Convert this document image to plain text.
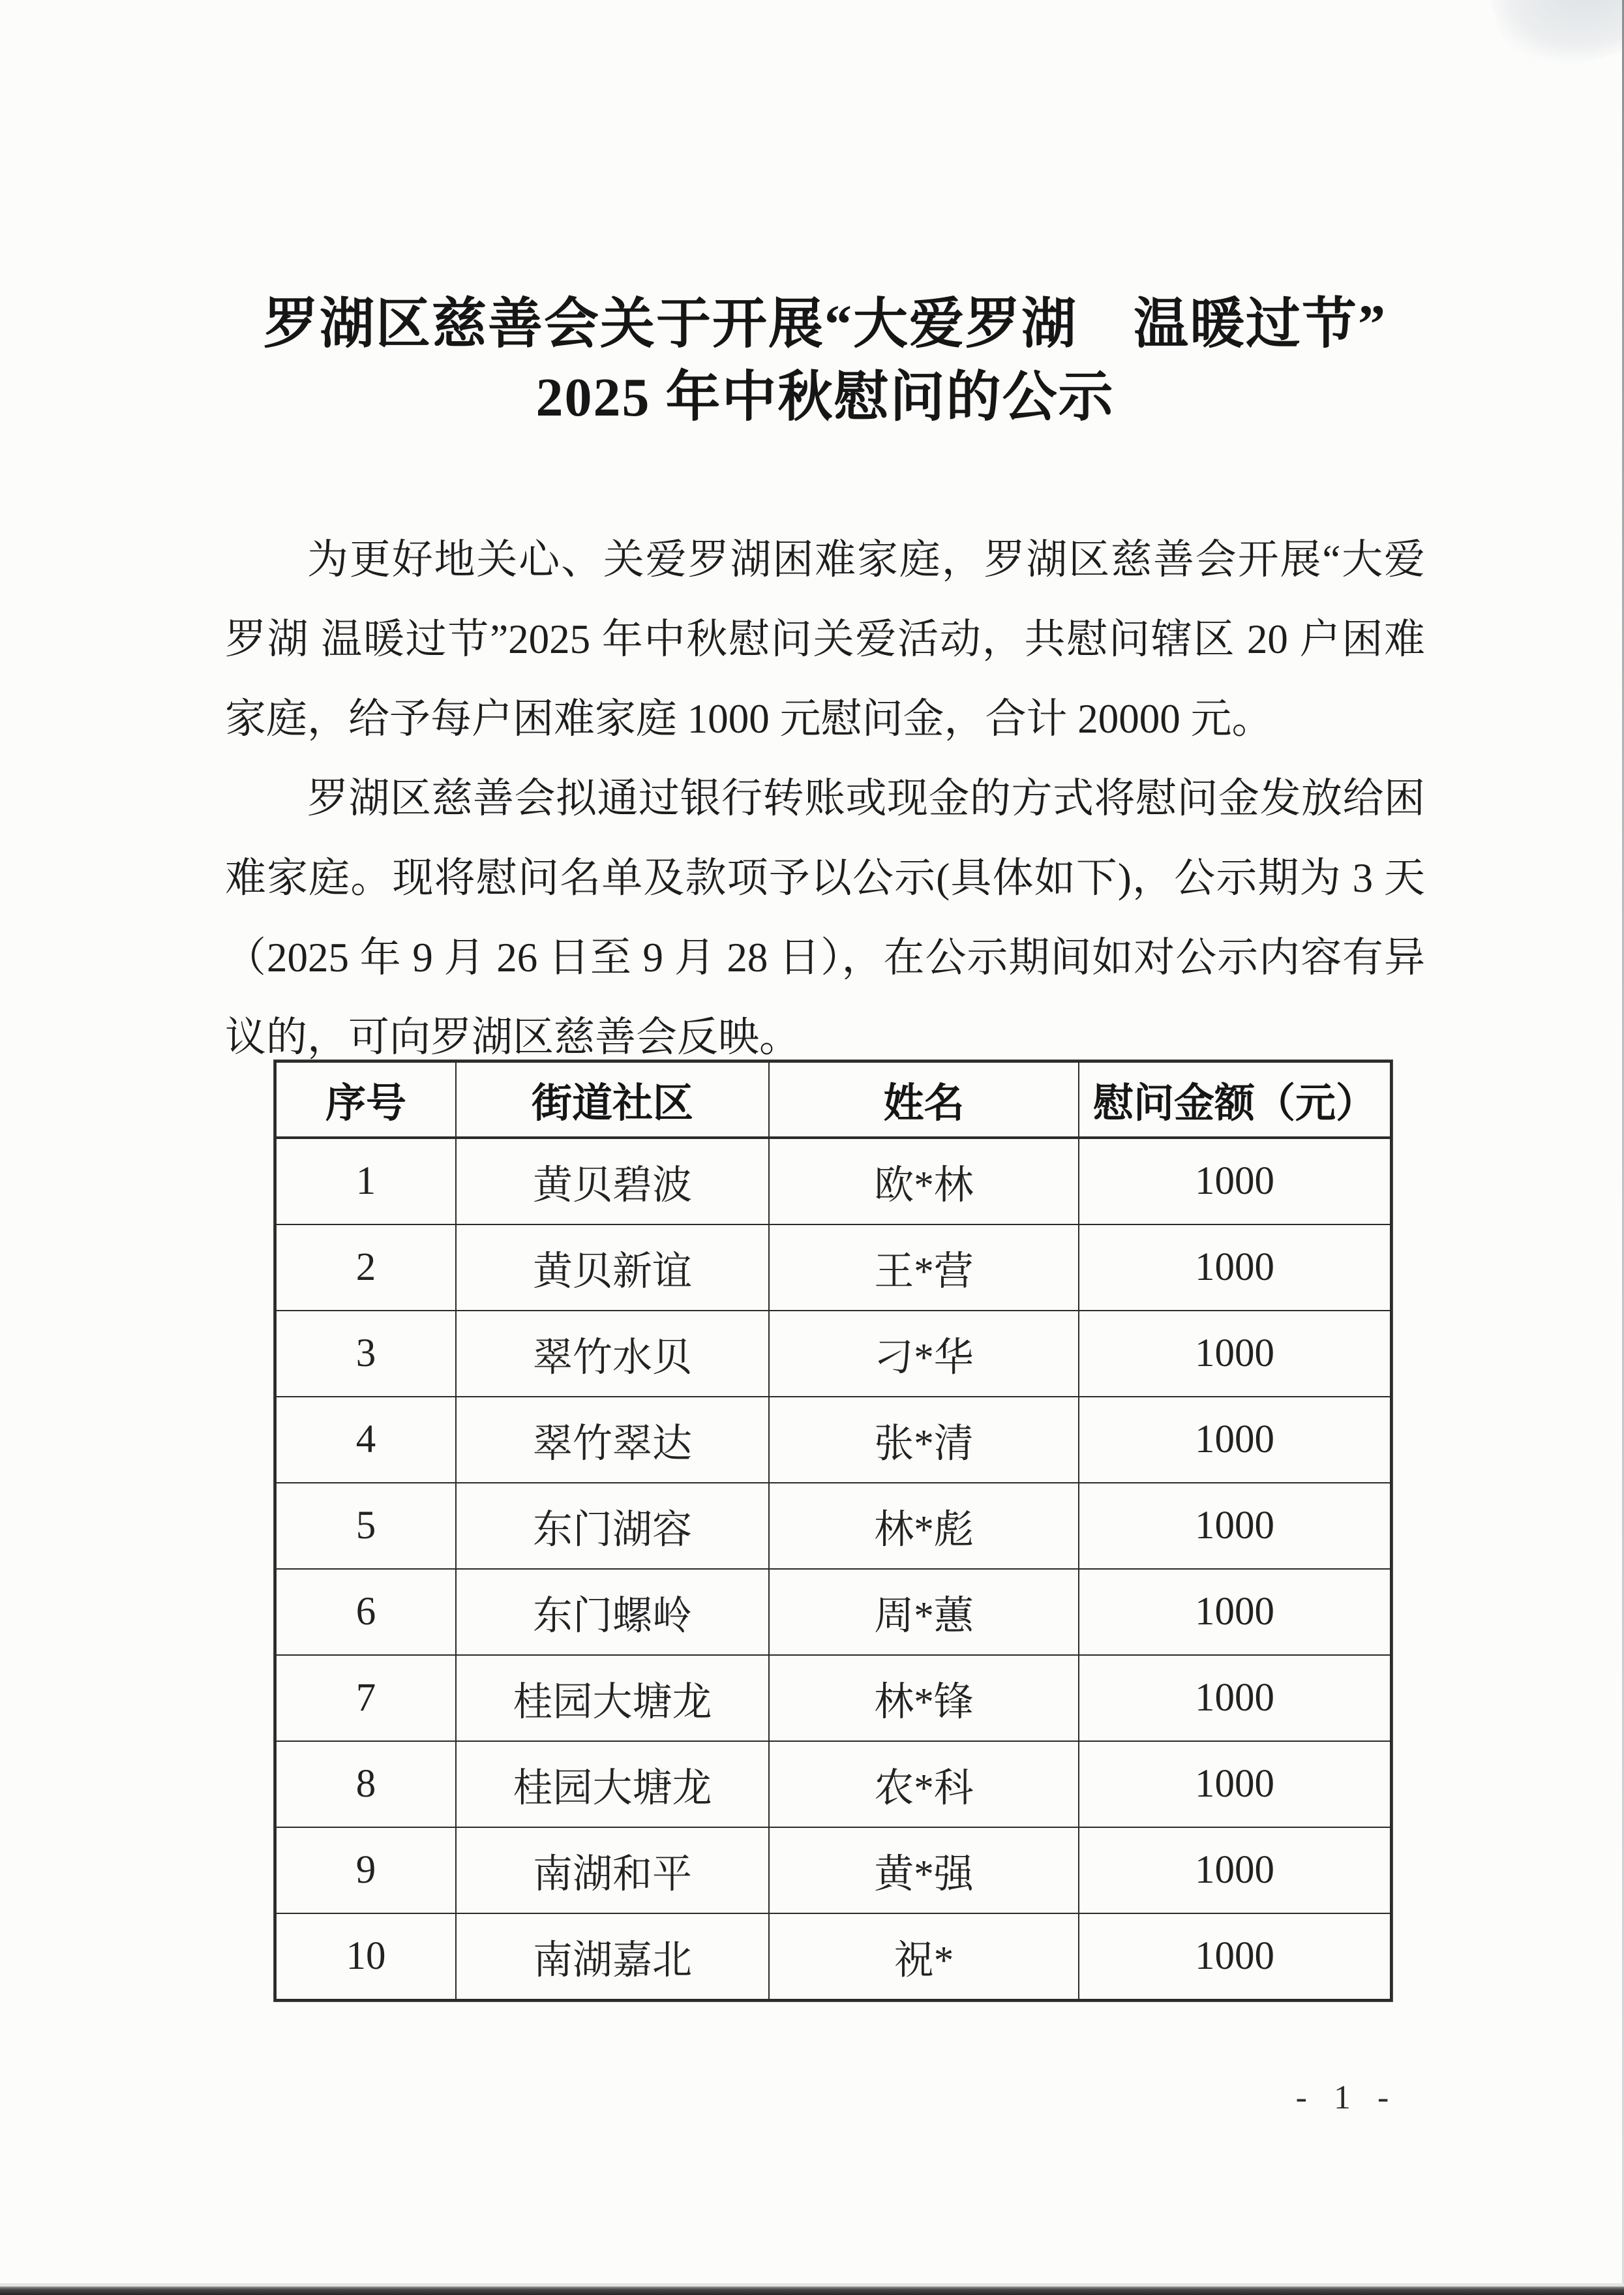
罗湖区慈善会关于开展“大爱罗湖　温暖过节”
2025 年中秋慰问的公示

为更好地关心、关爱罗湖困难家庭，罗湖区慈善会开展“大爱罗湖 温暖过节”2025 年中秋慰问关爱活动，共慰问辖区 20 户困难家庭，给予每户困难家庭 1000 元慰问金，合计 20000 元。

罗湖区慈善会拟通过银行转账或现金的方式将慰问金发放给困难家庭。现将慰问名单及款项予以公示(具体如下)，公示期为 3 天（2025 年 9 月 26 日至 9 月 28 日），在公示期间如对公示内容有异议的，可向罗湖区慈善会反映。

序号	街道社区	姓名	慰问金额（元）
1	黄贝碧波	欧*林	1000
2	黄贝新谊	王*营	1000
3	翠竹水贝	刁*华	1000
4	翠竹翠达	张*清	1000
5	东门湖容	林*彪	1000
6	东门螺岭	周*蕙	1000
7	桂园大塘龙	林*锋	1000
8	桂园大塘龙	农*科	1000
9	南湖和平	黄*强	1000
10	南湖嘉北	祝*	1000
- 1 -
